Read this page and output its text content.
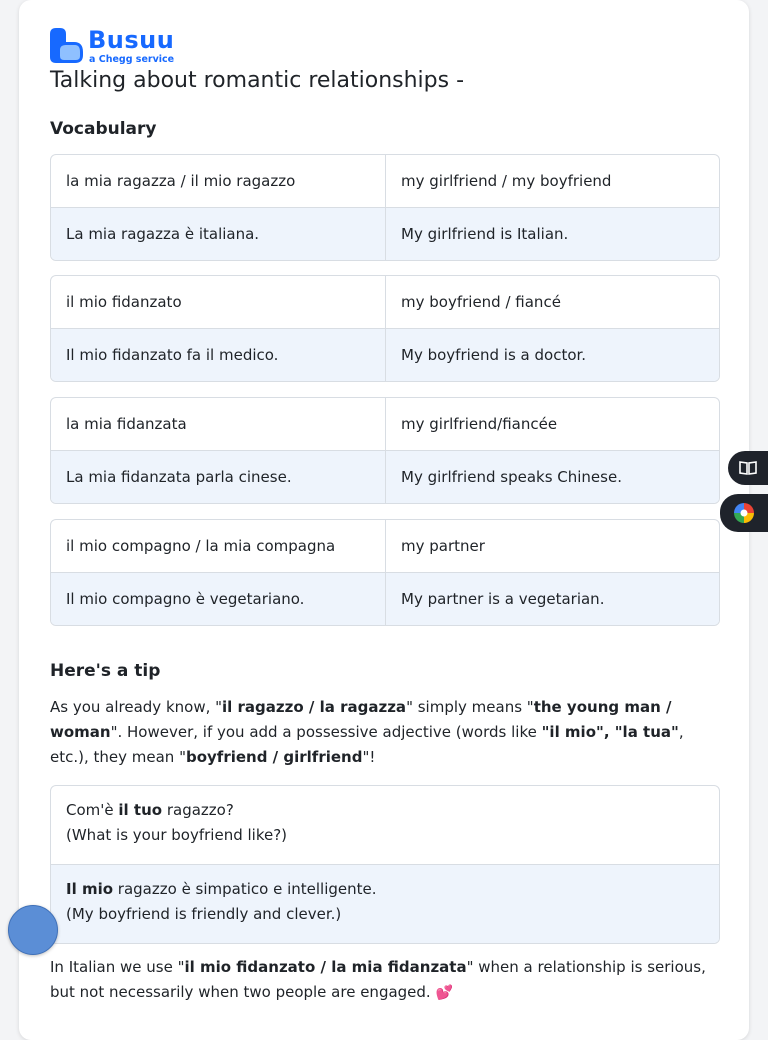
Busuu
a Chegg service
Talking about romantic relationships -
Vocabulary
la mia ragazza / il mio ragazzo	my girlfriend / my boyfriend
La mia ragazza è italiana.	My girlfriend is Italian.
il mio fidanzato	my boyfriend / fiancé
Il mio fidanzato fa il medico.	My boyfriend is a doctor.
la mia fidanzata	my girlfriend/fiancée
La mia fidanzata parla cinese.	My girlfriend speaks Chinese.
il mio compagno / la mia compagna	my partner
Il mio compagno è vegetariano.	My partner is a vegetarian.
Here's a tip

As you already know, "il ragazzo / la ragazza" simply means "the young man / woman". However, if you add a possessive adjective (words like "il mio", "la tua", etc.), they mean "boyfriend / girlfriend"!

Com'è il tuo ragazzo?
(What is your boyfriend like?)
Il mio ragazzo è simpatico e intelligente.
(My boyfriend is friendly and clever.)

In Italian we use "il mio fidanzato / la mia fidanzata" when a relationship is serious, but not necessarily when two people are engaged. 💕
